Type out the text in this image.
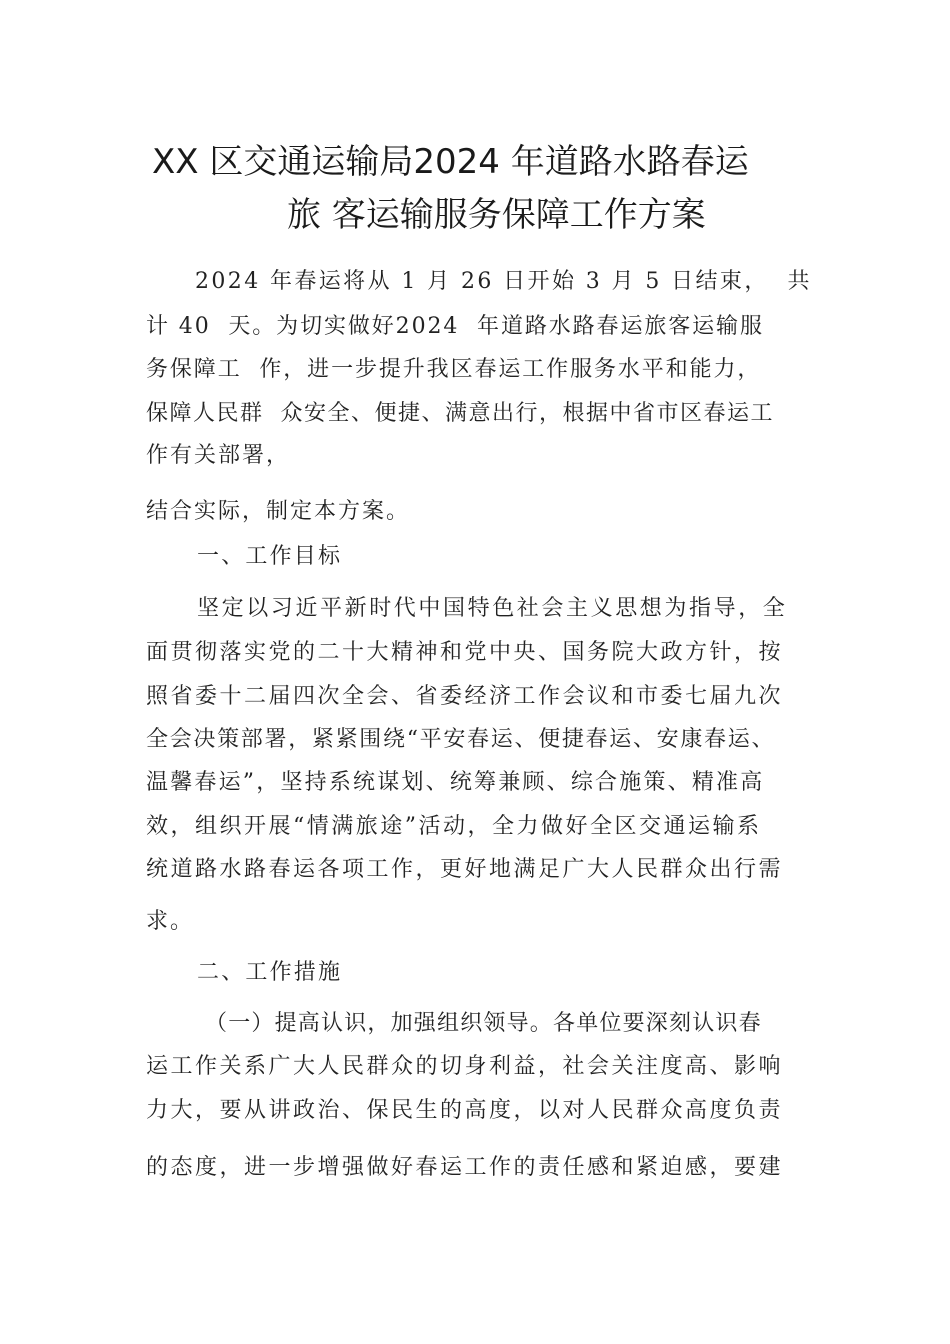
XX 区交通运输局2024 年道路水路春运
旅 客运输服务保障工作方案
2024 年春运将从 1 月 26 日开始 3 月 5 日结束，  共
计 40  天。为切实做好2024  年道路水路春运旅客运输服
务保障工  作，进一步提升我区春运工作服务水平和能力，
保障人民群  众安全、便捷、满意出行，根据中省市区春运工
作有关部署，
结合实际，制定本方案。
一、工作目标
坚定以习近平新时代中国特色社会主义思想为指导，全
面贯彻落实党的二十大精神和党中央、国务院大政方针，按
照省委十二届四次全会、省委经济工作会议和市委七届九次
全会决策部署，紧紧围绕“平安春运、便捷春运、安康春运、
温馨春运”，坚持系统谋划、统筹兼顾、综合施策、精准高
效，组织开展“情满旅途”活动，全力做好全区交通运输系
统道路水路春运各项工作，更好地满足广大人民群众出行需
求。
二、工作措施
（一）提高认识，加强组织领导。各单位要深刻认识春
运工作关系广大人民群众的切身利益，社会关注度高、影响
力大，要从讲政治、保民生的高度，以对人民群众高度负责
的态度，进一步增强做好春运工作的责任感和紧迫感，要建
